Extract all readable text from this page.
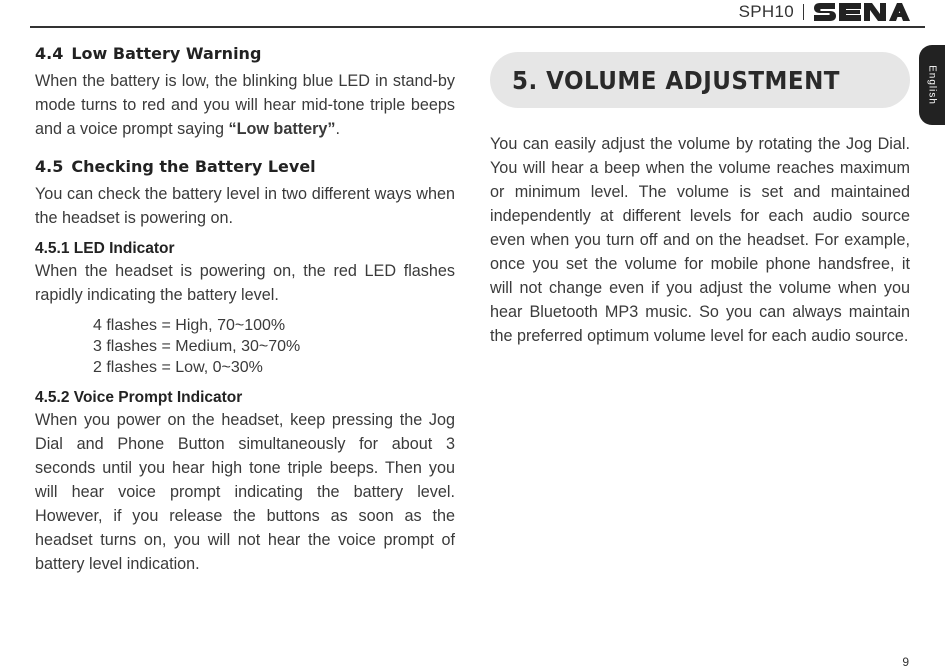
SPH10
English
4.4 Low Battery Warning

When the battery is low, the blinking blue LED in stand-by mode turns to red and you will hear mid-tone triple beeps and a voice prompt saying “Low battery”.

4.5 Checking the Battery Level

You can check the battery level in two different ways when the headset is powering on.

4.5.1 LED Indicator

When the headset is powering on, the red LED flashes rapidly indicating the battery level.

4 flashes = High, 70~100%
3 flashes = Medium, 30~70%
2 flashes = Low, 0~30%
4.5.2 Voice Prompt Indicator

When you power on the headset, keep pressing the Jog Dial and Phone Button simultaneously for about 3 seconds until you hear high tone triple beeps. Then you will hear voice prompt indicating the battery level. However, if you release the buttons as soon as the headset turns on, you will not hear the voice prompt of battery level indication.

5. VOLUME ADJUSTMENT

You can easily adjust the volume by rotating the Jog Dial. You will hear a beep when the volume reaches maximum or minimum level. The volume is set and maintained independently at different levels for each audio source even when you turn off and on the headset. For example, once you set the volume for mobile phone handsfree, it will not change even if you adjust the volume when you hear Bluetooth MP3 music. So you can always maintain the preferred optimum volume level for each audio source.

9
